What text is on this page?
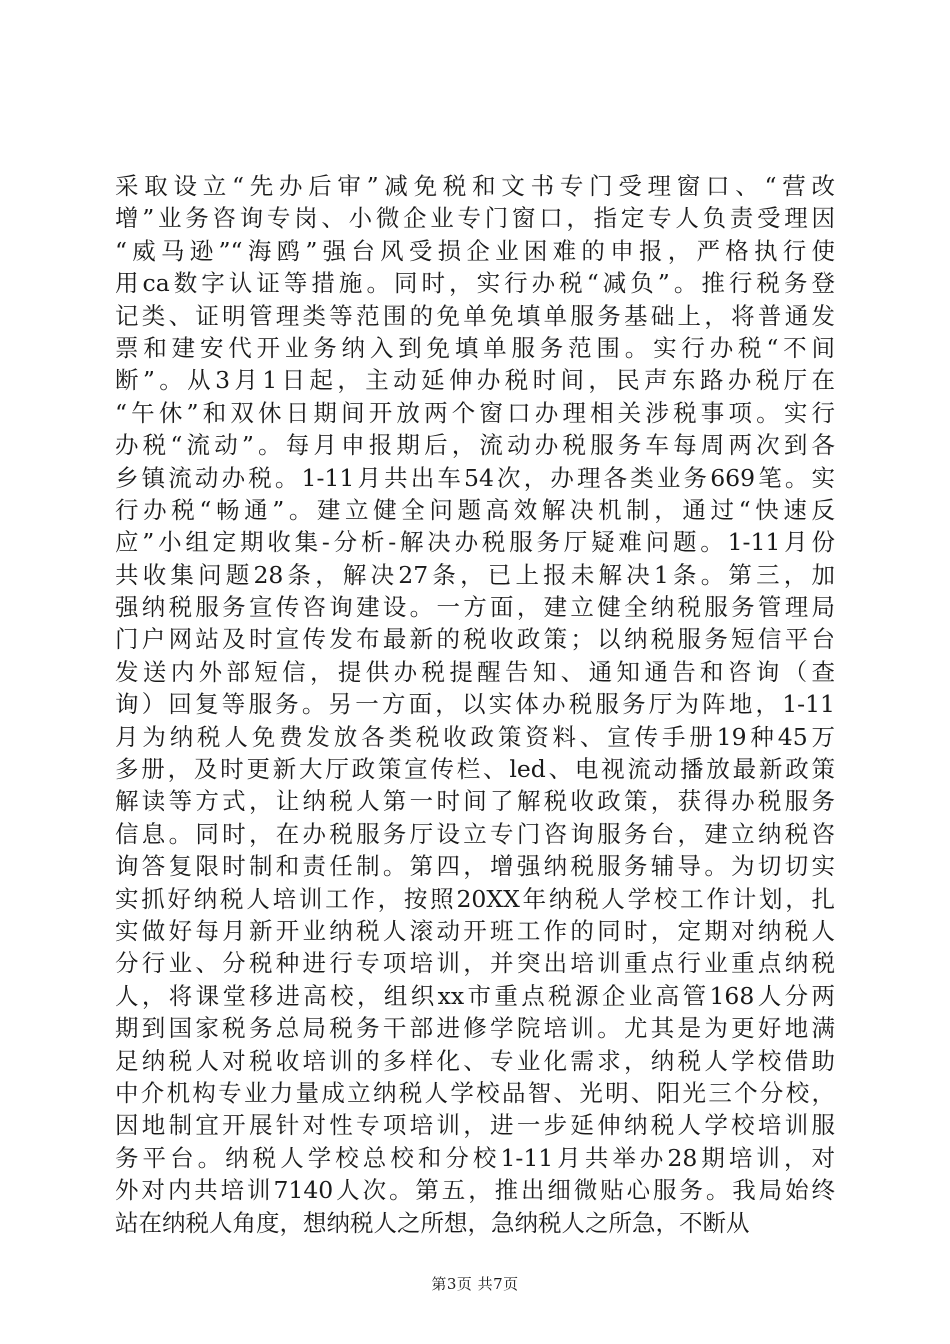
采取设立“先办后审”减免税和文书专门受理窗口、“营改
增”业务咨询专岗、小微企业专门窗口，指定专人负责受理因
“威马逊”“海鸥”强台风受损企业困难的申报，严格执行使
用ca数字认证等措施。同时，实行办税“减负”。推行税务登
记类、证明管理类等范围的免单免填单服务基础上，将普通发
票和建安代开业务纳入到免填单服务范围。实行办税“不间
断”。从3月1日起，主动延伸办税时间，民声东路办税厅在
“午休”和双休日期间开放两个窗口办理相关涉税事项。实行
办税“流动”。每月申报期后，流动办税服务车每周两次到各
乡镇流动办税。1-11月共出车54次，办理各类业务669笔。实
行办税“畅通”。建立健全问题高效解决机制，通过“快速反
应”小组定期收集-分析-解决办税服务厅疑难问题。1-11月份
共收集问题28条，解决27条，已上报未解决1条。第三，加
强纳税服务宣传咨询建设。一方面，建立健全纳税服务管理局
门户网站及时宣传发布最新的税收政策；以纳税服务短信平台
发送内外部短信，提供办税提醒告知、通知通告和咨询（查
询）回复等服务。另一方面，以实体办税服务厅为阵地，1-11
月为纳税人免费发放各类税收政策资料、宣传手册19种45万
多册，及时更新大厅政策宣传栏、led、电视流动播放最新政策
解读等方式，让纳税人第一时间了解税收政策，获得办税服务
信息。同时，在办税服务厅设立专门咨询服务台，建立纳税咨
询答复限时制和责任制。第四，增强纳税服务辅导。为切切实
实抓好纳税人培训工作，按照20XX年纳税人学校工作计划，扎
实做好每月新开业纳税人滚动开班工作的同时，定期对纳税人
分行业、分税种进行专项培训，并突出培训重点行业重点纳税
人，将课堂移进高校，组织xx市重点税源企业高管168人分两
期到国家税务总局税务干部进修学院培训。尤其是为更好地满
足纳税人对税收培训的多样化、专业化需求，纳税人学校借助
中介机构专业力量成立纳税人学校品智、光明、阳光三个分校，
因地制宜开展针对性专项培训，进一步延伸纳税人学校培训服
务平台。纳税人学校总校和分校1-11月共举办28期培训，对
外对内共培训7140人次。第五，推出细微贴心服务。我局始终
站在纳税人角度，想纳税人之所想，急纳税人之所急，不断从
第3页 共7页
